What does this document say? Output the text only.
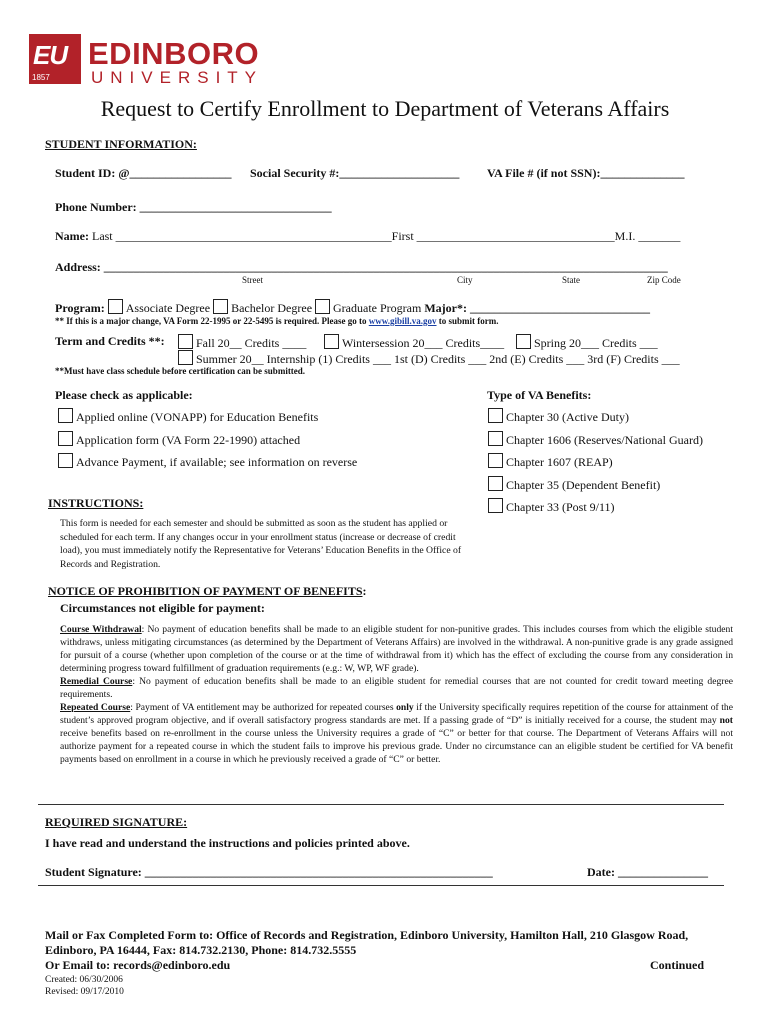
EU
1857
EDINBORO
UNIVERSITY
Request to Certify Enrollment to Department of Veterans Affairs
STUDENT INFORMATION:
Student ID: @_________________ Social Security #:____________________ VA File # (if not SSN):______________
Phone Number: ________________________________
Name: Last ______________________________________________First _________________________________M.I. _______
Address: ______________________________________________________________________________________________
Street	City	State	Zip Code
Program: Associate Degree Bachelor Degree Graduate Program Major*: ______________________________
** If this is a major change, VA Form 22-1995 or 22-5495 is required. Please go to www.gibill.va.gov to submit form.
Term and Credits **:	Fall 20__ Credits ____	Wintersession 20___ Credits____	Spring 20___ Credits ___
Summer 20__ Internship (1) Credits ___ 1st (D) Credits ___ 2nd (E) Credits ___ 3rd (F) Credits ___
**Must have class schedule before certification can be submitted.
Please check as applicable:
Applied online (VONAPP) for Education Benefits
Application form (VA Form 22-1990) attached
Advance Payment, if available; see information on reverse
Type of VA Benefits:
Chapter 30 (Active Duty)
Chapter 1606 (Reserves/National Guard)
Chapter 1607 (REAP)
Chapter 35 (Dependent Benefit)
Chapter 33 (Post 9/11)
INSTRUCTIONS:
This form is needed for each semester and should be submitted as soon as the student has applied or scheduled for each term. If any changes occur in your enrollment status (increase or decrease of credit load), you must immediately notify the Representative for Veterans’ Education Benefits in the Office of Records and Registration.
NOTICE OF PROHIBITION OF PAYMENT OF BENEFITS:
Circumstances not eligible for payment:
Course Withdrawal: No payment of education benefits shall be made to an eligible student for non-punitive grades. This includes courses from which the eligible student withdraws, unless mitigating circumstances (as determined by the Department of Veterans Affairs) are involved in the withdrawal. A non-punitive grade is any grade assigned for pursuit of a course (whether upon completion of the course or at the time of withdrawal from it) which has the effect of excluding the course from any consideration in determining progress toward fulfillment of graduation requirements (e.g.: W, WP, WF grade).
Remedial Course: No payment of education benefits shall be made to an eligible student for remedial courses that are not counted for credit toward meeting degree requirements.
Repeated Course: Payment of VA entitlement may be authorized for repeated courses only if the University specifically requires repetition of the course for attainment of the student’s approved program objective, and if overall satisfactory progress standards are met. If a passing grade of “D” is initially received for a course, the student may not receive benefits based on re-enrollment in the course unless the University requires a grade of “C” or better for that course. The Department of Veterans Affairs will not authorize payment for a repeated course in which the student fails to improve his previous grade. Under no circumstance can an eligible student be certified for VA benefit payments based on enrollment in a course in which he previously received a grade of “C” or better.
REQUIRED SIGNATURE:
I have read and understand the instructions and policies printed above.
Student Signature: __________________________________________________________	Date: _______________
Mail or Fax Completed Form to: Office of Records and Registration, Edinboro University, Hamilton Hall, 210 Glasgow Road,
Edinboro, PA 16444, Fax: 814.732.2130, Phone: 814.732.5555
Or Email to: records@edinboro.edu	Continued
Created: 06/30/2006
Revised: 09/17/2010
